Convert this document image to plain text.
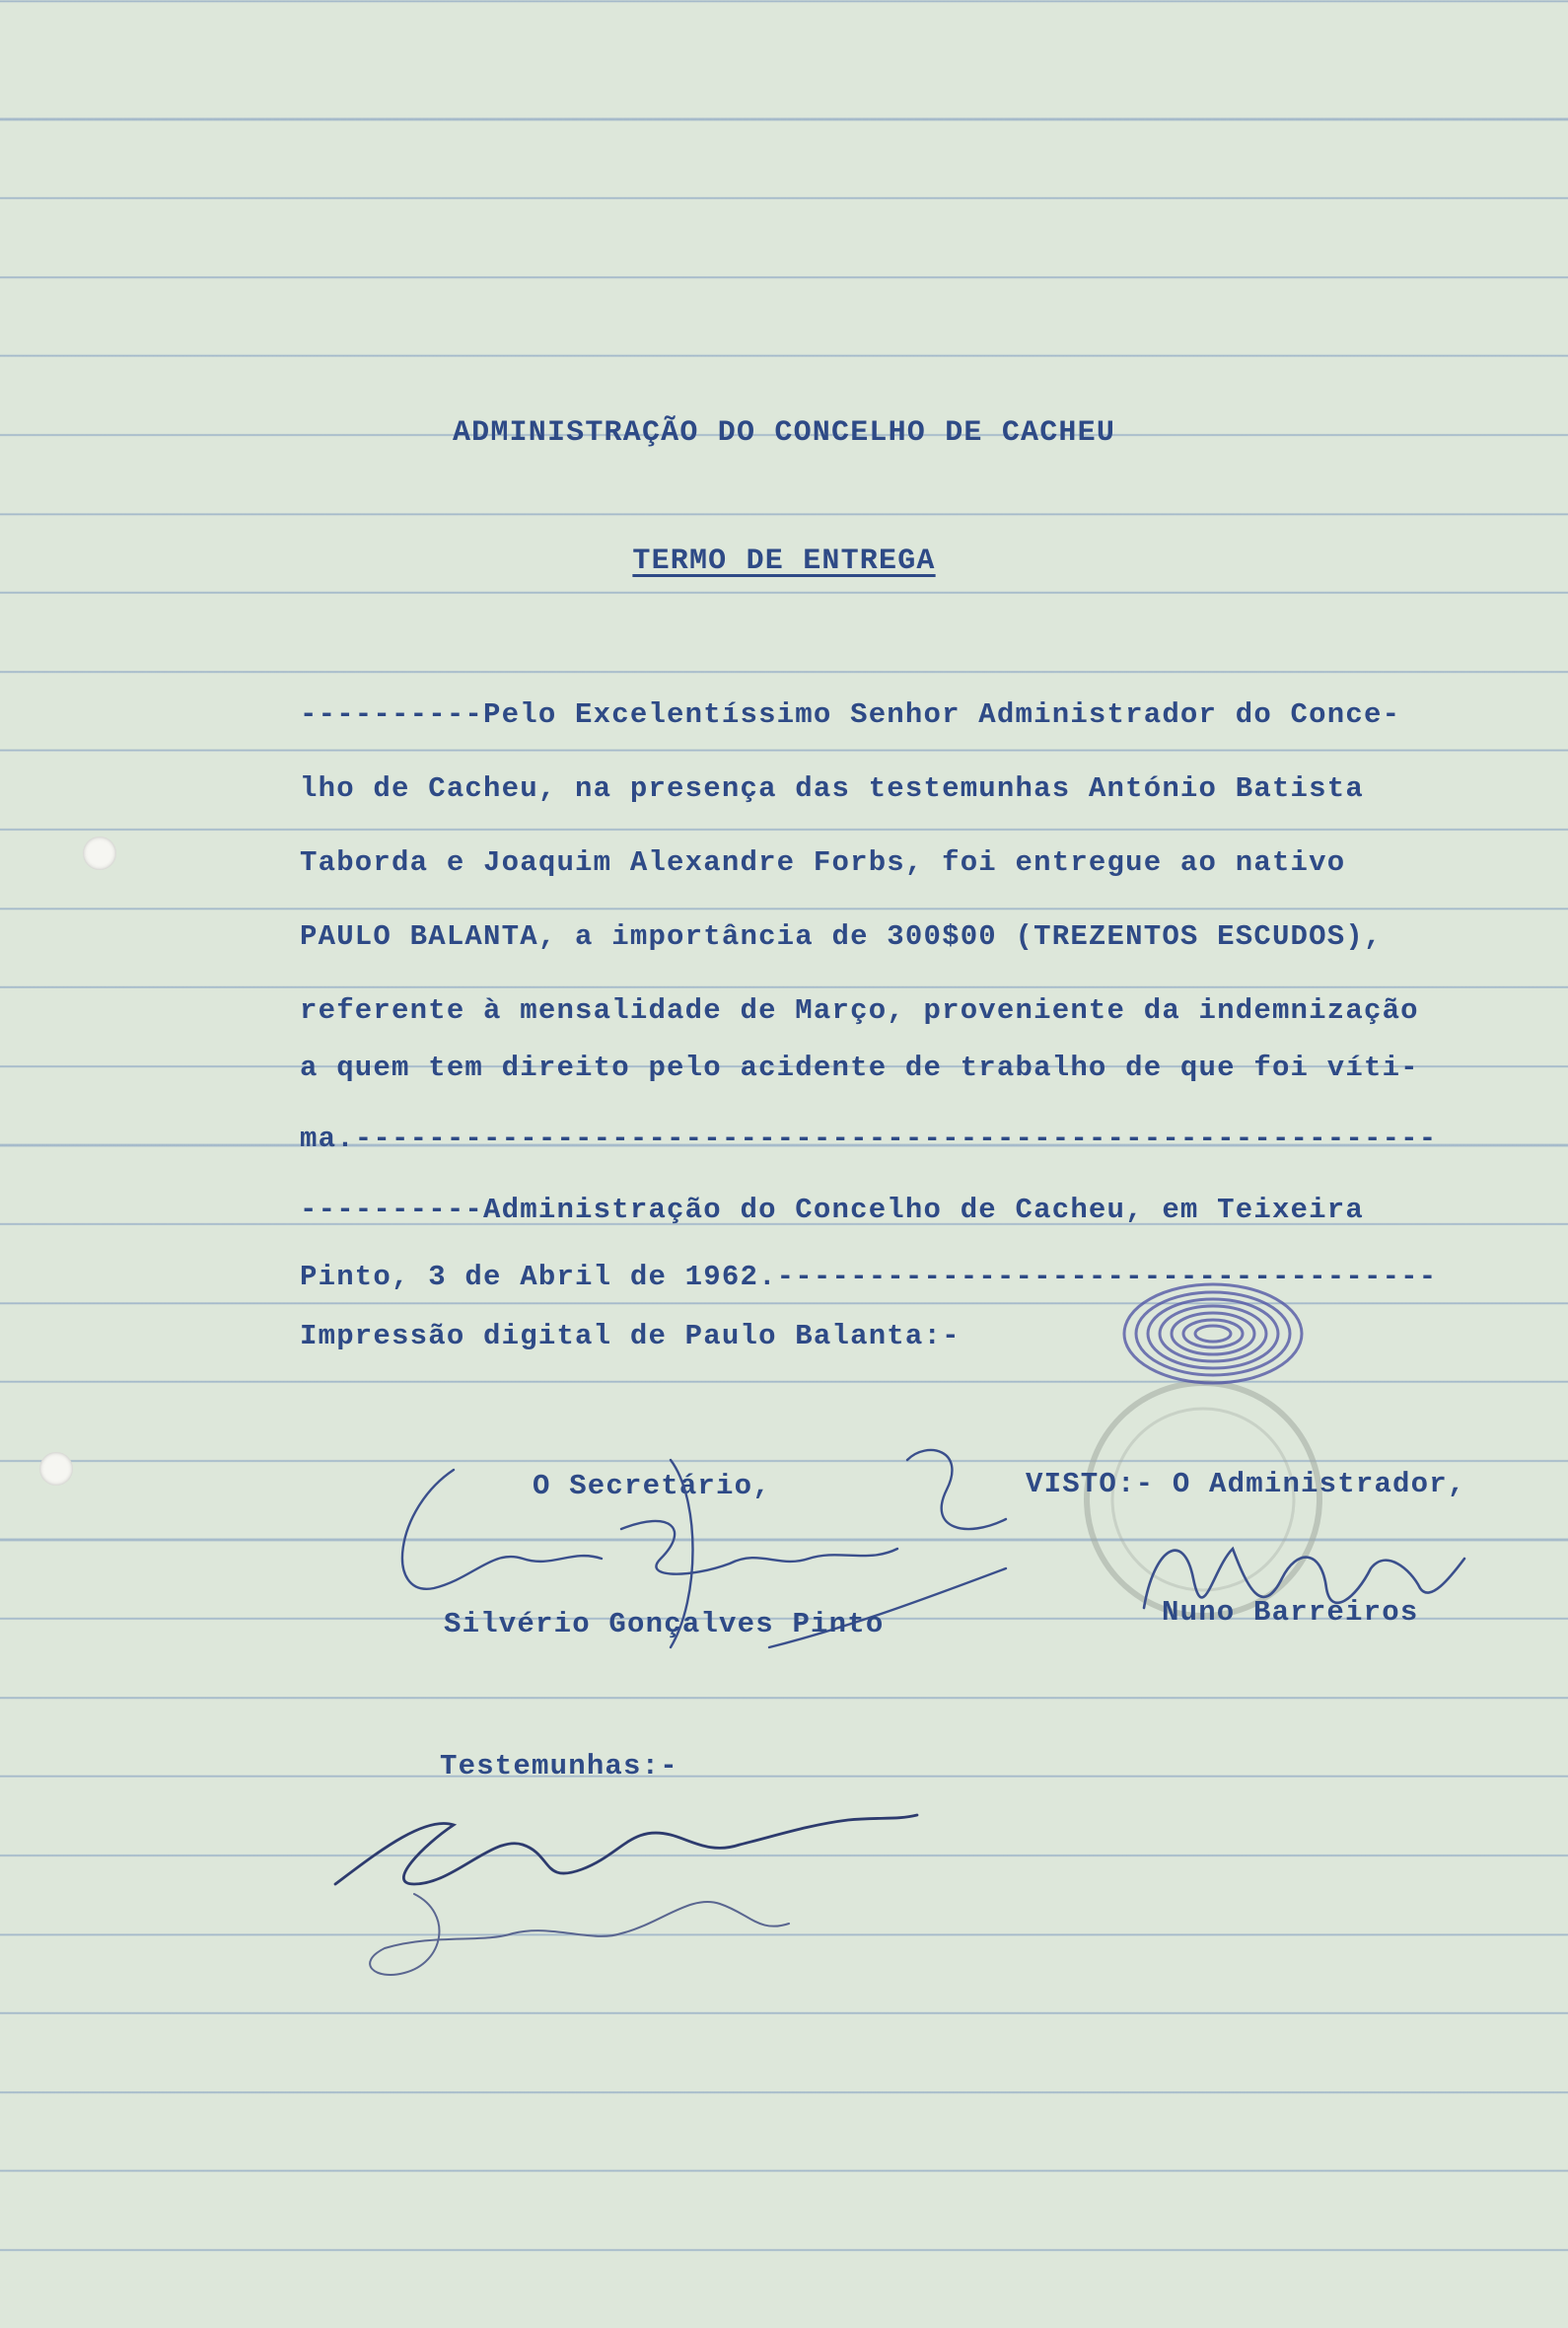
ADMINISTRAÇÃO DO CONCELHO DE CACHEU
TERMO DE ENTREGA
----------Pelo Excelentíssimo Senhor Administrador do Conce-
lho de Cacheu, na presença das testemunhas António Batista
Taborda e Joaquim Alexandre Forbs, foi entregue ao nativo
PAULO BALANTA, a importância de 300$00 (TREZENTOS ESCUDOS),
referente à mensalidade de Março, proveniente da indemnização
a quem tem direito pelo acidente de trabalho de que foi víti-
ma.-----------------------------------------------------------
----------Administração do Concelho de Cacheu, em Teixeira
Pinto, 3 de Abril de 1962.------------------------------------
Impressão digital de Paulo Balanta:-
O Secretário,	VISTO:- O Administrador,
Silvério Gonçalves Pinto	Nuno Barreiros
Testemunhas:-
